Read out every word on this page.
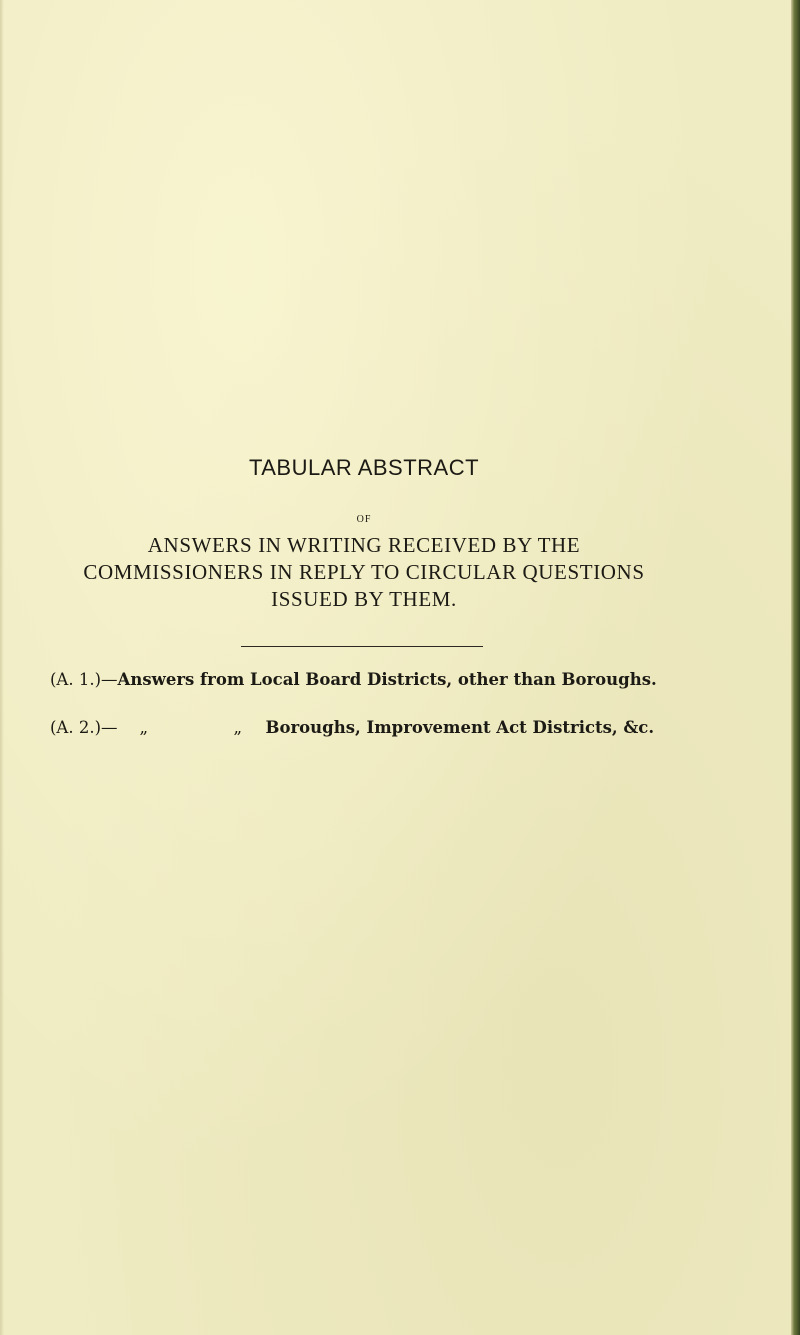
TABULAR ABSTRACT
OF
ANSWERS IN WRITING RECEIVED BY THE
COMMISSIONERS IN REPLY TO CIRCULAR QUESTIONS
ISSUED BY THEM.
(A. 1.)—Answers from Local Board Districts, other than Boroughs.
(A. 2.)— „	„ Boroughs, Improvement Act Districts, &c.
